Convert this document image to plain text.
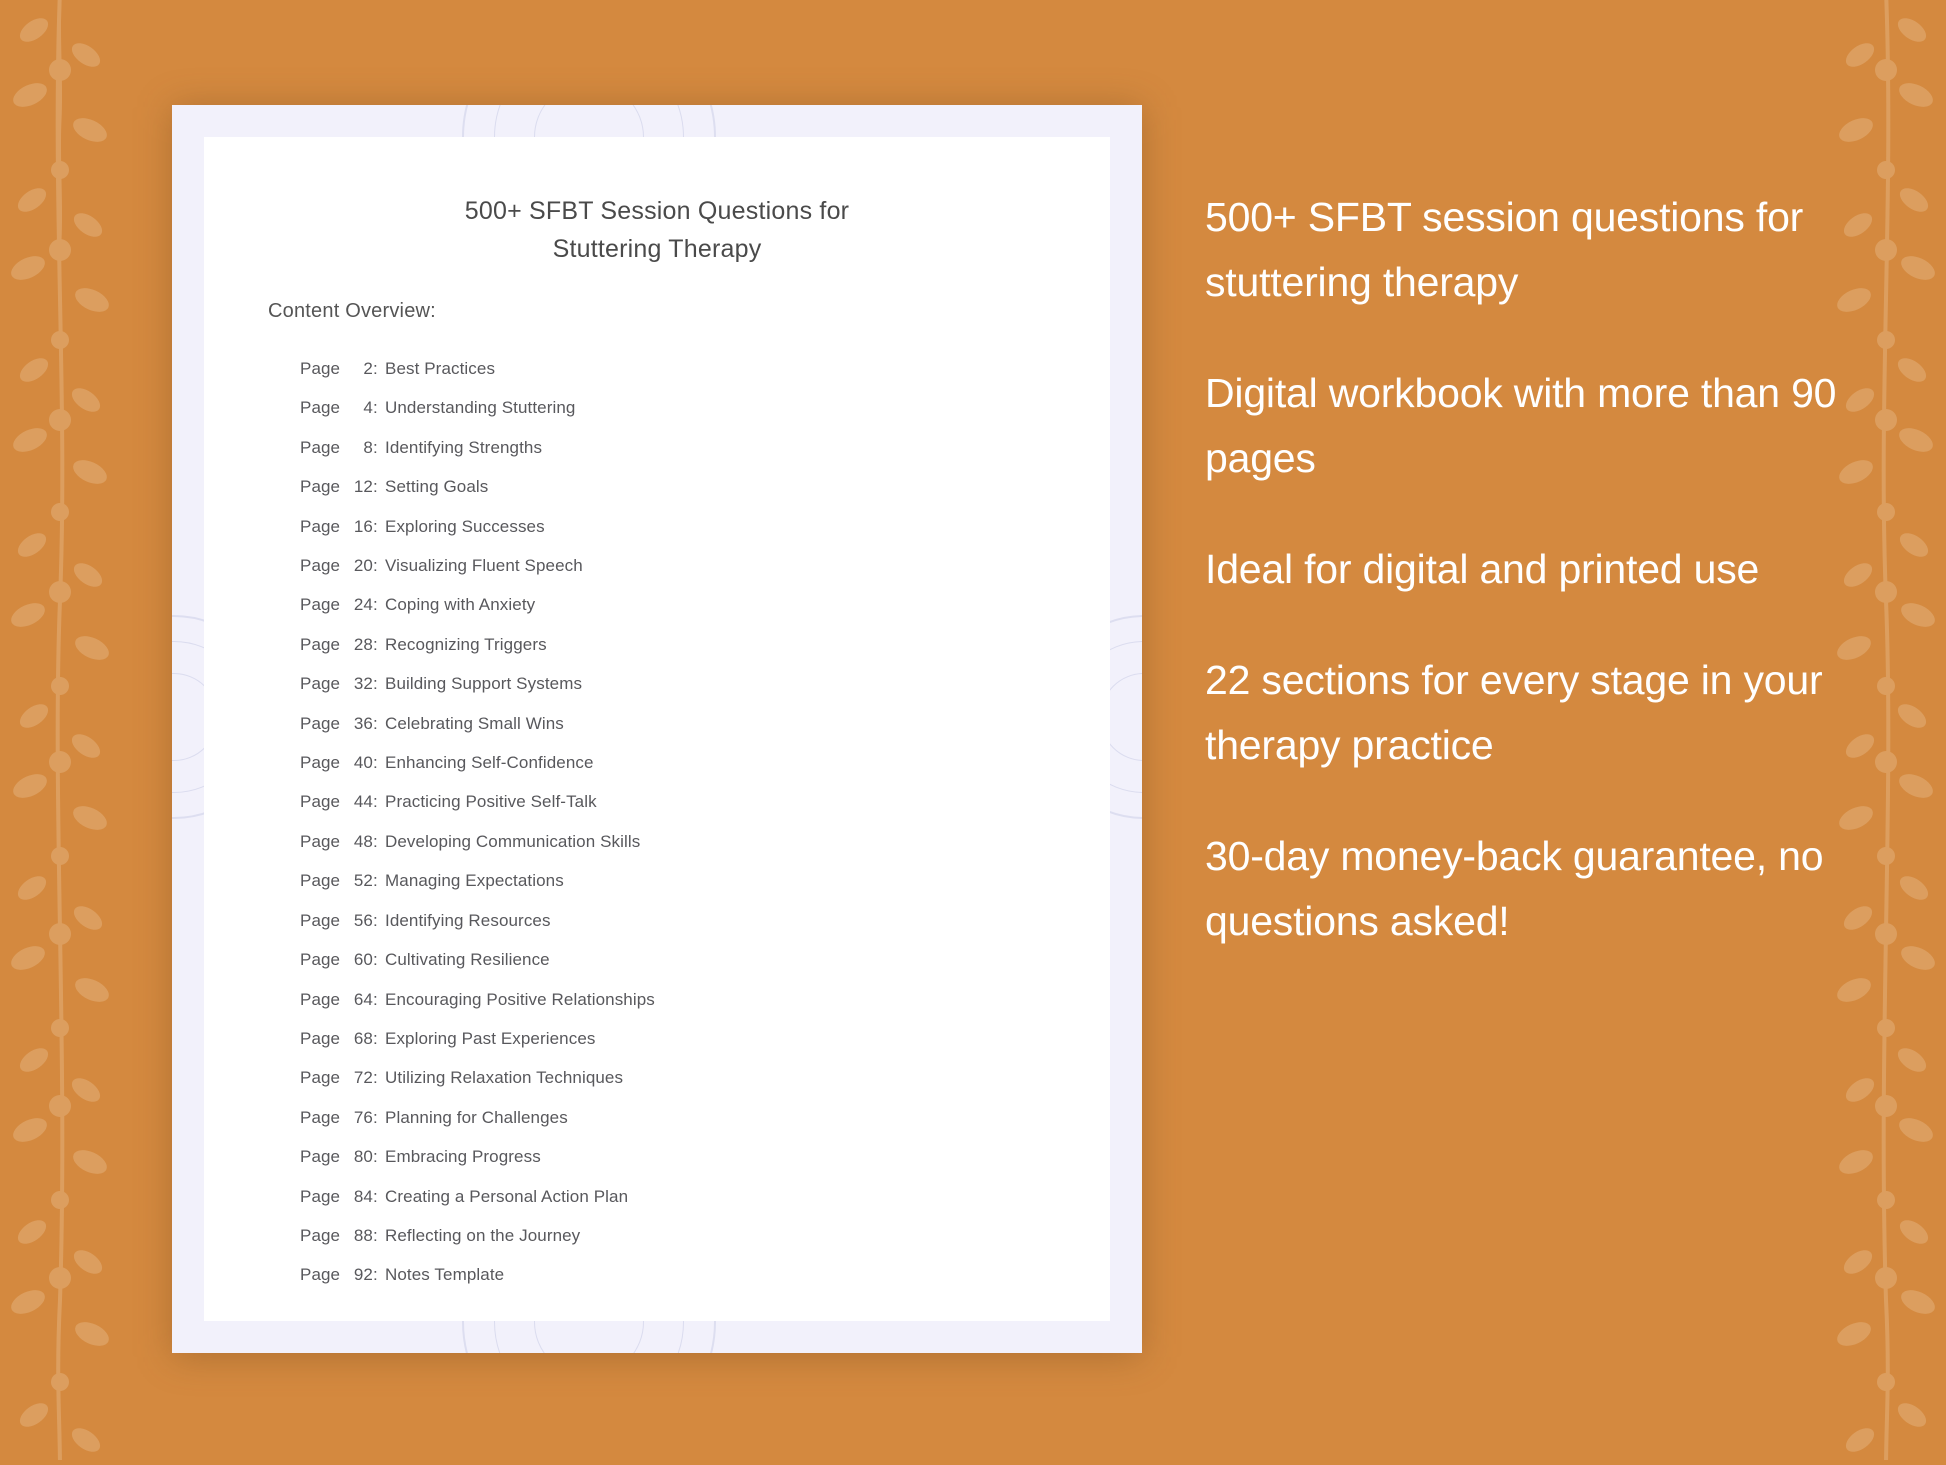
500+ SFBT Session Questions for
Stuttering Therapy
Content Overview:
Page 2: Best Practices
Page 4: Understanding Stuttering
Page 8: Identifying Strengths
Page 12: Setting Goals
Page 16: Exploring Successes
Page 20: Visualizing Fluent Speech
Page 24: Coping with Anxiety
Page 28: Recognizing Triggers
Page 32: Building Support Systems
Page 36: Celebrating Small Wins
Page 40: Enhancing Self-Confidence
Page 44: Practicing Positive Self-Talk
Page 48: Developing Communication Skills
Page 52: Managing Expectations
Page 56: Identifying Resources
Page 60: Cultivating Resilience
Page 64: Encouraging Positive Relationships
Page 68: Exploring Past Experiences
Page 72: Utilizing Relaxation Techniques
Page 76: Planning for Challenges
Page 80: Embracing Progress
Page 84: Creating a Personal Action Plan
Page 88: Reflecting on the Journey
Page 92: Notes Template

500+ SFBT session questions for stuttering therapy

Digital workbook with more than 90 pages

Ideal for digital and printed use

22 sections for every stage in your therapy practice

30-day money-back guarantee, no questions asked!
